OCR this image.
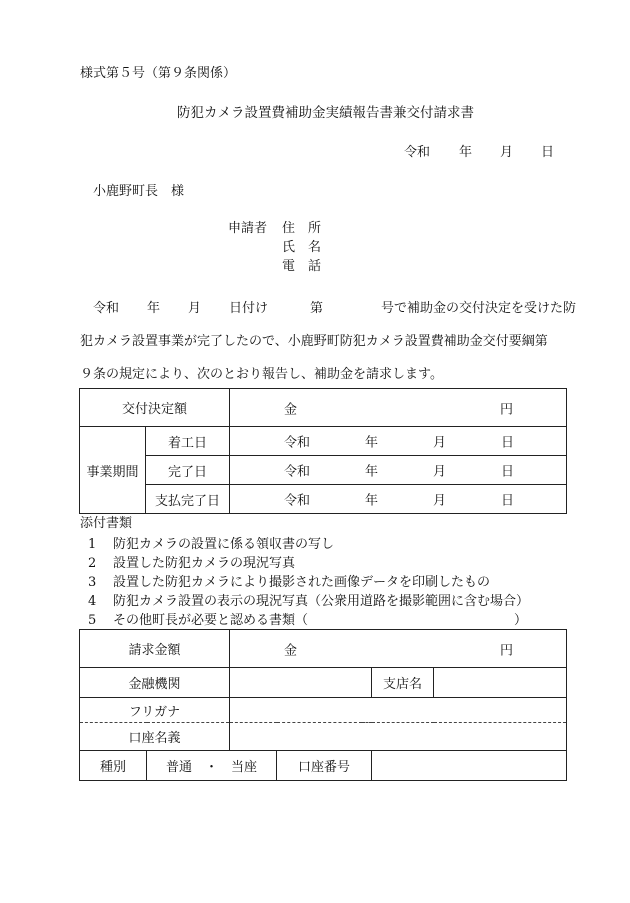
様式第５号（第９条関係）
防犯カメラ設置費補助金実績報告書兼交付請求書
令和 年 月 日
小鹿野町長　様
申請者 住　所
氏　名
電　話
令和 年 月 日付け	第	号で補助金の交付決定を受けた防
犯カメラ設置事業が完了したので、小鹿野町防犯カメラ設置費補助金交付要綱第
９条の規定により、次のとおり報告し、補助金を請求します。
交付決定額		金 円

事業期間	着工日	令和 年 月 日

	完了日	令和 年 月 日

	支払完了日	令和 年 月 日
添付書類
1 防犯カメラの設置に係る領収書の写し
2 設置した防犯カメラの現況写真
3 設置した防犯カメラにより撮影された画像データを印刷したもの
4 防犯カメラ設置の表示の現況写真（公衆用道路を撮影範囲に含む場合）
5 その他町長が必要と認める書類（	）
請求金額		金 円			

金融機関				支店名	
フリガナ					
口座名義					
種別	普通　・　当座		口座番号		
